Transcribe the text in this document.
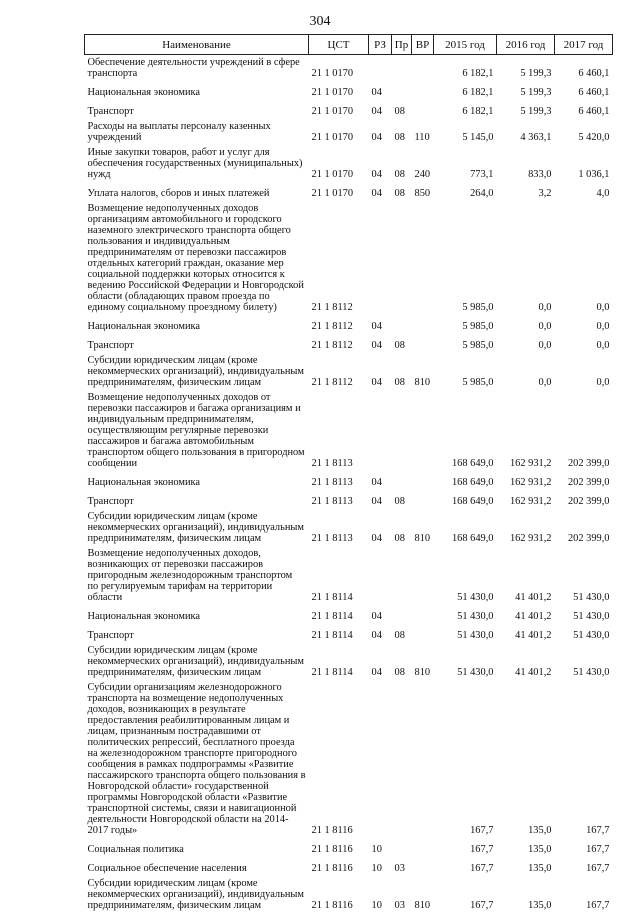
304
Наименование	ЦСТ	РЗ	Пр	ВР	2015 год	2016 год	2017 год
Обеспечение деятельности учреждений в сфере транспорта	21 1 0170				6 182,1	5 199,3	6 460,1
Национальная экономика	21 1 0170	04			6 182,1	5 199,3	6 460,1
Транспорт	21 1 0170	04	08		6 182,1	5 199,3	6 460,1
Расходы на выплаты персоналу казенных учреждений	21 1 0170	04	08	110	5 145,0	4 363,1	5 420,0
Иные закупки товаров, работ и услуг для обеспечения государственных (муниципальных) нужд	21 1 0170	04	08	240	773,1	833,0	1 036,1
Уплата налогов, сборов и иных платежей	21 1 0170	04	08	850	264,0	3,2	4,0
Возмещение недополученных доходов организациям автомобильного и городского наземного электрического транспорта общего пользования и индивидуальным предпринимателям от перевозки пассажиров отдельных категорий граждан, оказание мер социальной поддержки которых относится к ведению Российской Федерации и Новгородской области (обладающих правом проезда по единому социальному проездному билету)	21 1 8112				5 985,0	0,0	0,0
Национальная экономика	21 1 8112	04			5 985,0	0,0	0,0
Транспорт	21 1 8112	04	08		5 985,0	0,0	0,0
Субсидии юридическим лицам (кроме некоммерческих организаций), индивидуальным предпринимателям, физическим лицам	21 1 8112	04	08	810	5 985,0	0,0	0,0
Возмещение недополученных доходов от перевозки пассажиров и багажа организациям и индивидуальным предпринимателям, осуществляющим регулярные перевозки пассажиров и багажа автомобильным транспортом общего пользования в пригородном сообщении	21 1 8113				168 649,0	162 931,2	202 399,0
Национальная экономика	21 1 8113	04			168 649,0	162 931,2	202 399,0
Транспорт	21 1 8113	04	08		168 649,0	162 931,2	202 399,0
Субсидии юридическим лицам (кроме некоммерческих организаций), индивидуальным предпринимателям, физическим лицам	21 1 8113	04	08	810	168 649,0	162 931,2	202 399,0
Возмещение недополученных доходов, возникающих от перевозки пассажиров пригородным железнодорожным транспортом по регулируемым тарифам на территории области	21 1 8114				51 430,0	41 401,2	51 430,0
Национальная экономика	21 1 8114	04			51 430,0	41 401,2	51 430,0
Транспорт	21 1 8114	04	08		51 430,0	41 401,2	51 430,0
Субсидии юридическим лицам (кроме некоммерческих организаций), индивидуальным предпринимателям, физическим лицам	21 1 8114	04	08	810	51 430,0	41 401,2	51 430,0
Субсидии организациям железнодорожного транспорта на возмещение недополученных доходов, возникающих в результате предоставления реабилитированным лицам и лицам, признанным пострадавшими от политических репрессий, бесплатного проезда на железнодорожном транспорте пригородного сообщения в рамках подпрограммы «Развитие пассажирского транспорта общего пользования в Новгородской области» государственной программы Новгородской области «Развитие транспортной системы, связи и навигационной деятельности Новгородской области на 2014-2017 годы»	21 1 8116				167,7	135,0	167,7
Социальная политика	21 1 8116	10			167,7	135,0	167,7
Социальное обеспечение населения	21 1 8116	10	03		167,7	135,0	167,7
Субсидии юридическим лицам (кроме некоммерческих организаций), индивидуальным предпринимателям, физическим лицам	21 1 8116	10	03	810	167,7	135,0	167,7
